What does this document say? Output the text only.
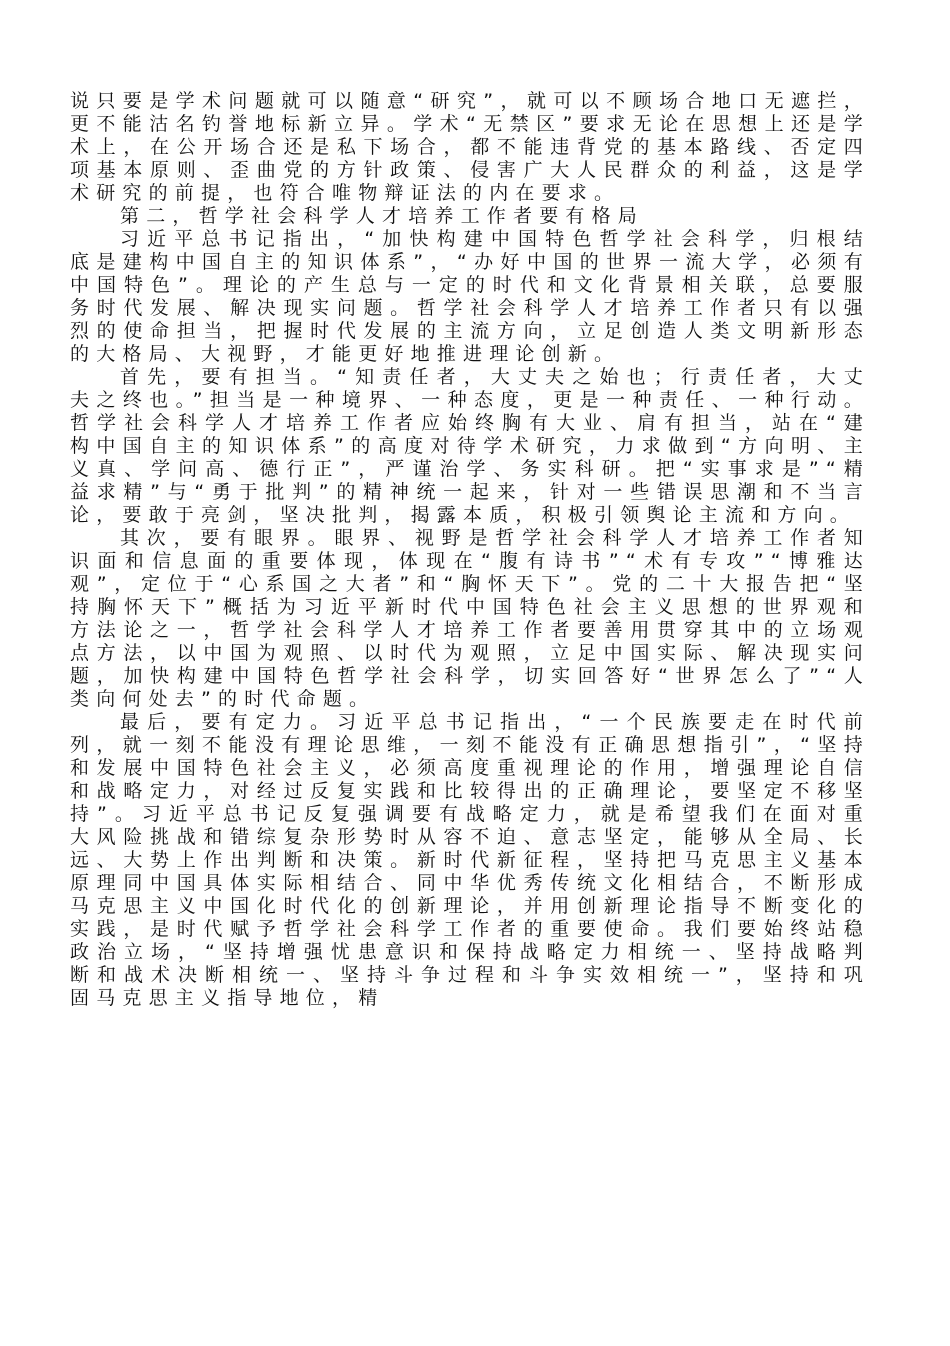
说只要是学术问题就可以随意“研究”，就可以不顾场合地口无遮拦，更不能沽名钓誉地标新立异。学术“无禁区”要求无论在思想上还是学术上，在公开场合还是私下场合，都不能违背党的基本路线、否定四项基本原则、歪曲党的方针政策、侵害广大人民群众的利益，这是学术研究的前提，也符合唯物辩证法的内在要求。

第二，哲学社会科学人才培养工作者要有格局

习近平总书记指出，“加快构建中国特色哲学社会科学，归根结底是建构中国自主的知识体系”，“办好中国的世界一流大学，必须有中国特色”。理论的产生总与一定的时代和文化背景相关联，总要服务时代发展、解决现实问题。哲学社会科学人才培养工作者只有以强烈的使命担当，把握时代发展的主流方向，立足创造人类文明新形态的大格局、大视野，才能更好地推进理论创新。

首先，要有担当。“知责任者，大丈夫之始也；行责任者，大丈夫之终也。”担当是一种境界、一种态度，更是一种责任、一种行动。哲学社会科学人才培养工作者应始终胸有大业、肩有担当，站在“建构中国自主的知识体系”的高度对待学术研究，力求做到“方向明、主义真、学问高、德行正”，严谨治学、务实科研。把“实事求是”“精益求精”与“勇于批判”的精神统一起来，针对一些错误思潮和不当言论，要敢于亮剑，坚决批判，揭露本质，积极引领舆论主流和方向。

其次，要有眼界。眼界、视野是哲学社会科学人才培养工作者知识面和信息面的重要体现，体现在“腹有诗书”“术有专攻”“博雅达观”，定位于“心系国之大者”和“胸怀天下”。党的二十大报告把“坚持胸怀天下”概括为习近平新时代中国特色社会主义思想的世界观和方法论之一，哲学社会科学人才培养工作者要善用贯穿其中的立场观点方法，以中国为观照、以时代为观照，立足中国实际、解决现实问题，加快构建中国特色哲学社会科学，切实回答好“世界怎么了”“人类向何处去”的时代命题。

最后，要有定力。习近平总书记指出，“一个民族要走在时代前列，就一刻不能没有理论思维，一刻不能没有正确思想指引”，“坚持和发展中国特色社会主义，必须高度重视理论的作用，增强理论自信和战略定力，对经过反复实践和比较得出的正确理论，要坚定不移坚持”。习近平总书记反复强调要有战略定力，就是希望我们在面对重大风险挑战和错综复杂形势时从容不迫、意志坚定，能够从全局、长远、大势上作出判断和决策。新时代新征程，坚持把马克思主义基本原理同中国具体实际相结合、同中华优秀传统文化相结合，不断形成马克思主义中国化时代化的创新理论，并用创新理论指导不断变化的实践，是时代赋予哲学社会科学工作者的重要使命。我们要始终站稳政治立场，“坚持增强忧患意识和保持战略定力相统一、坚持战略判断和战术决断相统一、坚持斗争过程和斗争实效相统一”，坚持和巩固马克思主义指导地位，精
